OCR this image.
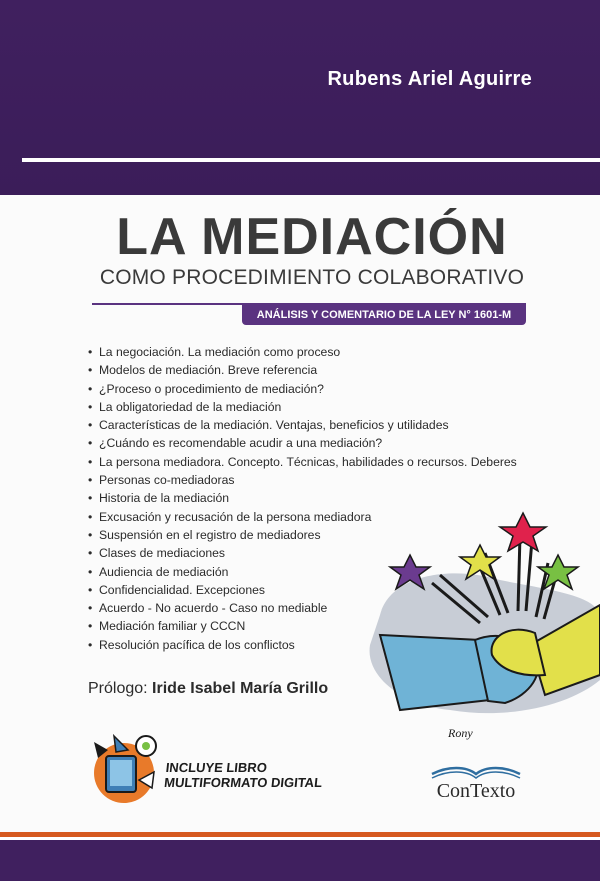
Rubens Ariel Aguirre
LA MEDIACIÓN
COMO PROCEDIMIENTO COLABORATIVO
ANÁLISIS Y COMENTARIO DE LA LEY N° 1601-M
• La negociación. La mediación como proceso
• Modelos de mediación. Breve referencia
• ¿Proceso o procedimiento de mediación?
• La obligatoriedad de la mediación
• Características de la mediación. Ventajas, beneficios y utilidades
• ¿Cuándo es recomendable acudir a una mediación?
• La persona mediadora. Concepto. Técnicas, habilidades o recursos. Deberes
• Personas co-mediadoras
• Historia de la mediación
• Excusación y recusación de la persona mediadora
• Suspensión en el registro de mediadores
• Clases de mediaciones
• Audiencia de mediación
• Confidencialidad. Excepciones
• Acuerdo - No acuerdo - Caso no mediable
• Mediación familiar y CCCN
• Resolución pacífica de los conflictos
Prólogo: Iride Isabel María Grillo
Rony
INCLUYE LIBRO
MULTIFORMATO DIGITAL	ConTexto
